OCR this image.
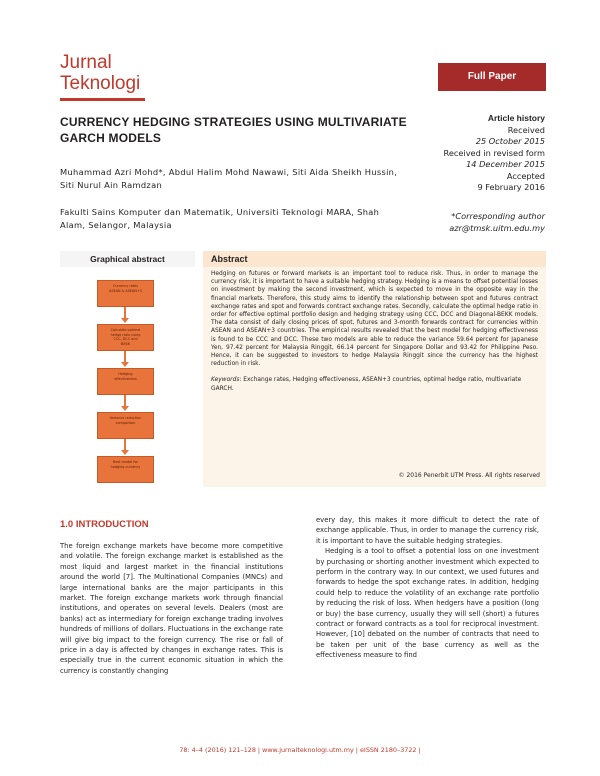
Jurnal
Teknologi	Full Paper
CURRENCY HEDGING STRATEGIES USING MULTIVARIATE GARCH MODELS
Muhammad Azri Mohd*, Abdul Halim Mohd Nawawi, Siti Aida Sheikh Hussin, Siti Nurul Ain Ramdzan
Fakulti Sains Komputer dan Matematik, Universiti Teknologi MARA, Shah Alam, Selangor, Malaysia
Article history
Received
25 October 2015
Received in revised form
14 December 2015
Accepted
9 February 2016
*Corresponding author
azr@tmsk.uitm.edu.my
Graphical abstract
Currency rates
ASEAN & ASEAN+3
Calculate optimal
hedge ratio using
CCC, DCC and
BEKK
Hedging
effectiveness
Variance reduction
comparison
Best model for
hedging currency
Abstract
Hedging on futures or forward markets is an important tool to reduce risk. Thus, in order to manage the currency risk, it is important to have a suitable hedging strategy. Hedging is a means to offset potential losses on investment by making the second investment, which is expected to move in the opposite way in the financial markets. Therefore, this study aims to identify the relationship between spot and futures contract exchange rates and spot and forwards contract exchange rates. Secondly, calculate the optimal hedge ratio in order for effective optimal portfolio design and hedging strategy using CCC, DCC and Diagonal-BEKK models. The data consist of daily closing prices of spot, futures and 3-month forwards contract for currencies within ASEAN and ASEAN+3 countries. The empirical results revealed that the best model for hedging effectiveness is found to be CCC and DCC. These two models are able to reduce the variance 59.64 percent for Japanese Yen, 97.42 percent for Malaysia Ringgit, 66.14 percent for Singapore Dollar and 93.42 for Philippine Peso. Hence, it can be suggested to investors to hedge Malaysia Ringgit since the currency has the highest reduction in risk.
Keywords: Exchange rates, Hedging effectiveness, ASEAN+3 countries, optimal hedge ratio, multivariate GARCH.
© 2016 Penerbit UTM Press. All rights reserved
1.0 INTRODUCTION

The foreign exchange markets have become more competitive and volatile. The foreign exchange market is established as the most liquid and largest market in the financial institutions around the world [7]. The Multinational Companies (MNCs) and large international banks are the major participants in this market. The foreign exchange markets work through financial institutions, and operates on several levels. Dealers (most are banks) act as intermediary for foreign exchange trading involves hundreds of millions of dollars. Fluctuations in the exchange rate will give big impact to the foreign currency. The rise or fall of price in a day is affected by changes in exchange rates. This is especially true in the current economic situation in which the currency is constantly changing

every day, this makes it more difficult to detect the rate of exchange applicable. Thus, in order to manage the currency risk, it is important to have the suitable hedging strategies.

Hedging is a tool to offset a potential loss on one investment by purchasing or shorting another investment which expected to perform in the contrary way. In our context, we used futures and forwards to hedge the spot exchange rates. In addition, hedging could help to reduce the volatility of an exchange rate portfolio by reducing the risk of loss. When hedgers have a position (long or buy) the base currency, usually they will sell (short) a futures contract or forward contracts as a tool for reciprocal investment. However, [10] debated on the number of contracts that need to be taken per unit of the base currency as well as the effectiveness measure to find

78: 4–4 (2016) 121–128 | www.jurnalteknologi.utm.my | eISSN 2180–3722 |
